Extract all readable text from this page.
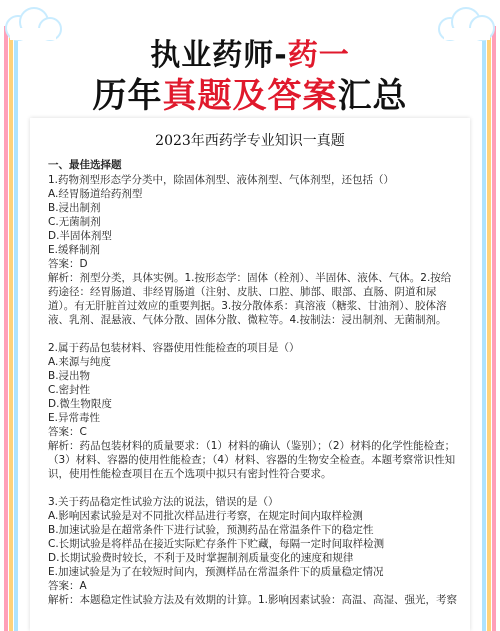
执业药师-药一
历年真题及答案汇总
2023年西药学专业知识一真题
一、最佳选择题
1.药物剂型形态学分类中，除固体剂型、液体剂型、气体剂型，还包括（）
A.经胃肠道给药剂型
B.浸出制剂
C.无菌制剂
D.半固体剂型
E.缓释制剂
答案：D
解析：剂型分类，具体实例。1.按形态学：固体（栓剂）、半固体、液体、气体。2.按给药途径：经胃肠道、非经胃肠道（注射、皮肤、口腔、肺部、眼部、直肠、阴道和尿道）。有无肝脏首过效应的重要判据。3.按分散体系：真溶液（糖浆、甘油剂）、胶体溶液、乳剂、混悬液、气体分散、固体分散、微粒等。4.按制法：浸出制剂、无菌制剂。
2.属于药品包装材料、容器使用性能检查的项目是（）
A.来源与纯度
B.浸出物
C.密封性
D.微生物限度
E.异常毒性
答案：C
解析：药品包装材料的质量要求：（1）材料的确认（鉴别）；（2）材料的化学性能检查；（3）材料、容器的使用性能检查；（4）材料、容器的生物安全检查。本题考察常识性知识，使用性能检查项目在五个选项中拟只有密封性符合要求。
3.关于药品稳定性试验方法的说法，错误的是（）
A.影响因素试验是对不同批次样品进行考察，在规定时间内取样检测
B.加速试验是在超常条件下进行试验，预测药品在常温条件下的稳定性
C.长期试验是将样品在接近实际贮存条件下贮藏，每隔一定时间取样检测
D.长期试验费时较长，不利于及时掌握制剂质量变化的速度和规律
E.加速试验是为了在较短时间内，预测样品在常温条件下的质量稳定情况
答案：A
解析：本题稳定性试验方法及有效期的计算。1.影响因素试验：高温、高湿、强光，考察
